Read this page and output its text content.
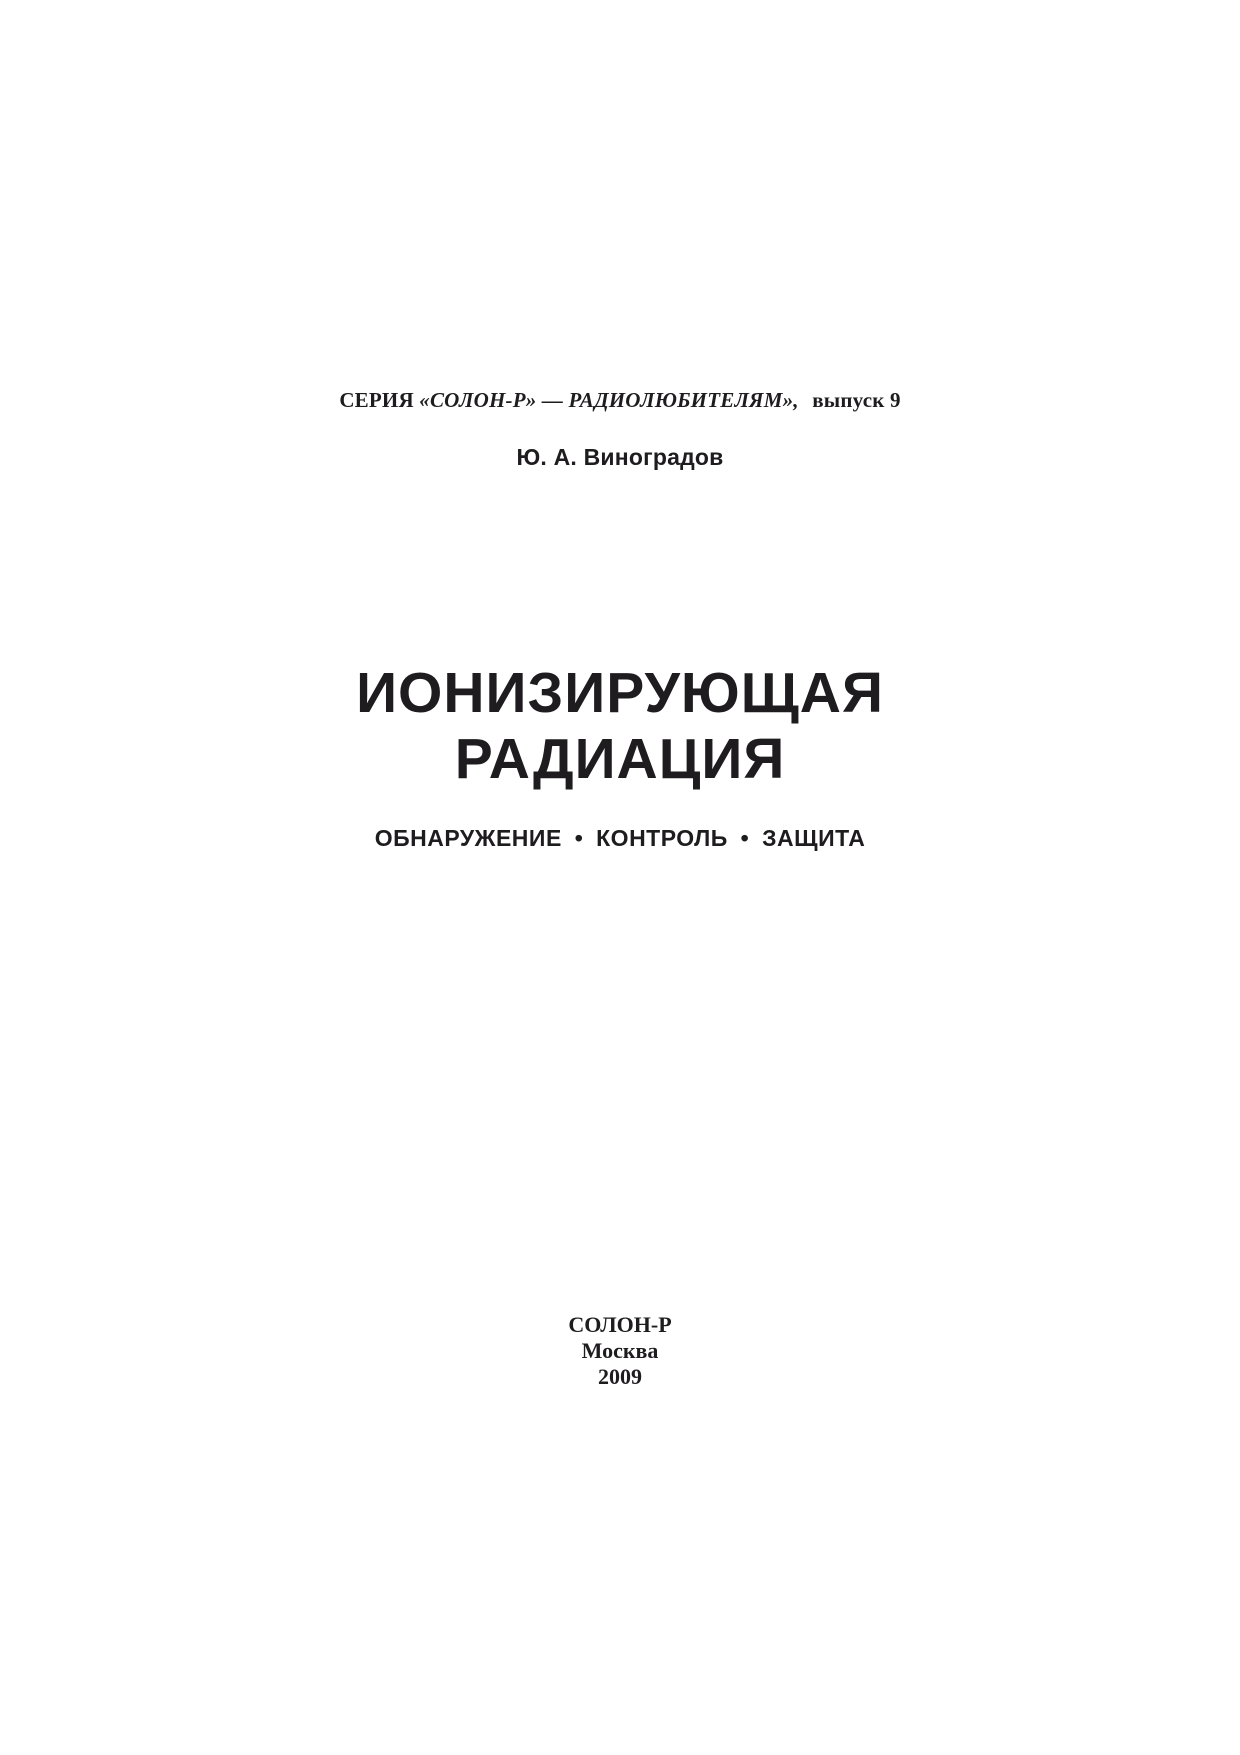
СЕРИЯ «СОЛОН-Р» — РАДИОЛЮБИТЕЛЯМ», выпуск 9
Ю. А. Виноградов
ИОНИЗИРУЮЩАЯ
РАДИАЦИЯ
ОБНАРУЖЕНИЕ • КОНТРОЛЬ • ЗАЩИТА
СОЛОН-Р
Москва
2009
